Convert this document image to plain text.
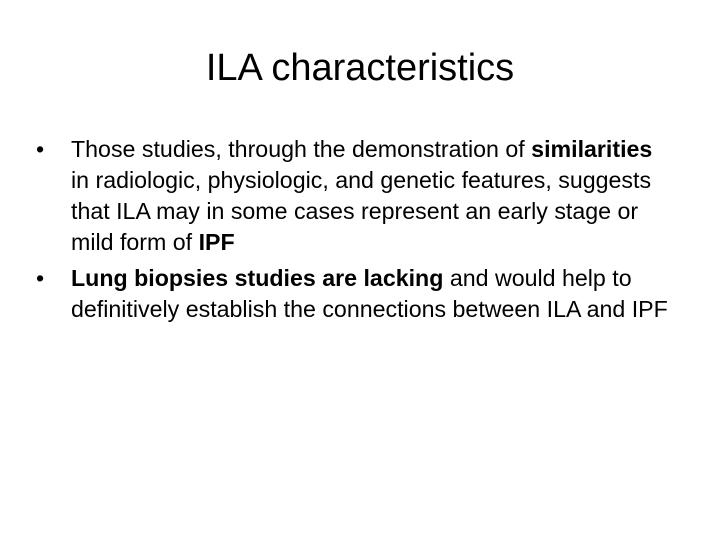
ILA characteristics
•	Those studies, through the demonstration of similarities in radiologic, physiologic, and genetic features, suggests that ILA may in some cases represent an early stage or mild form of IPF
•	Lung biopsies studies are lacking and would help to definitively establish the connections between ILA and IPF
